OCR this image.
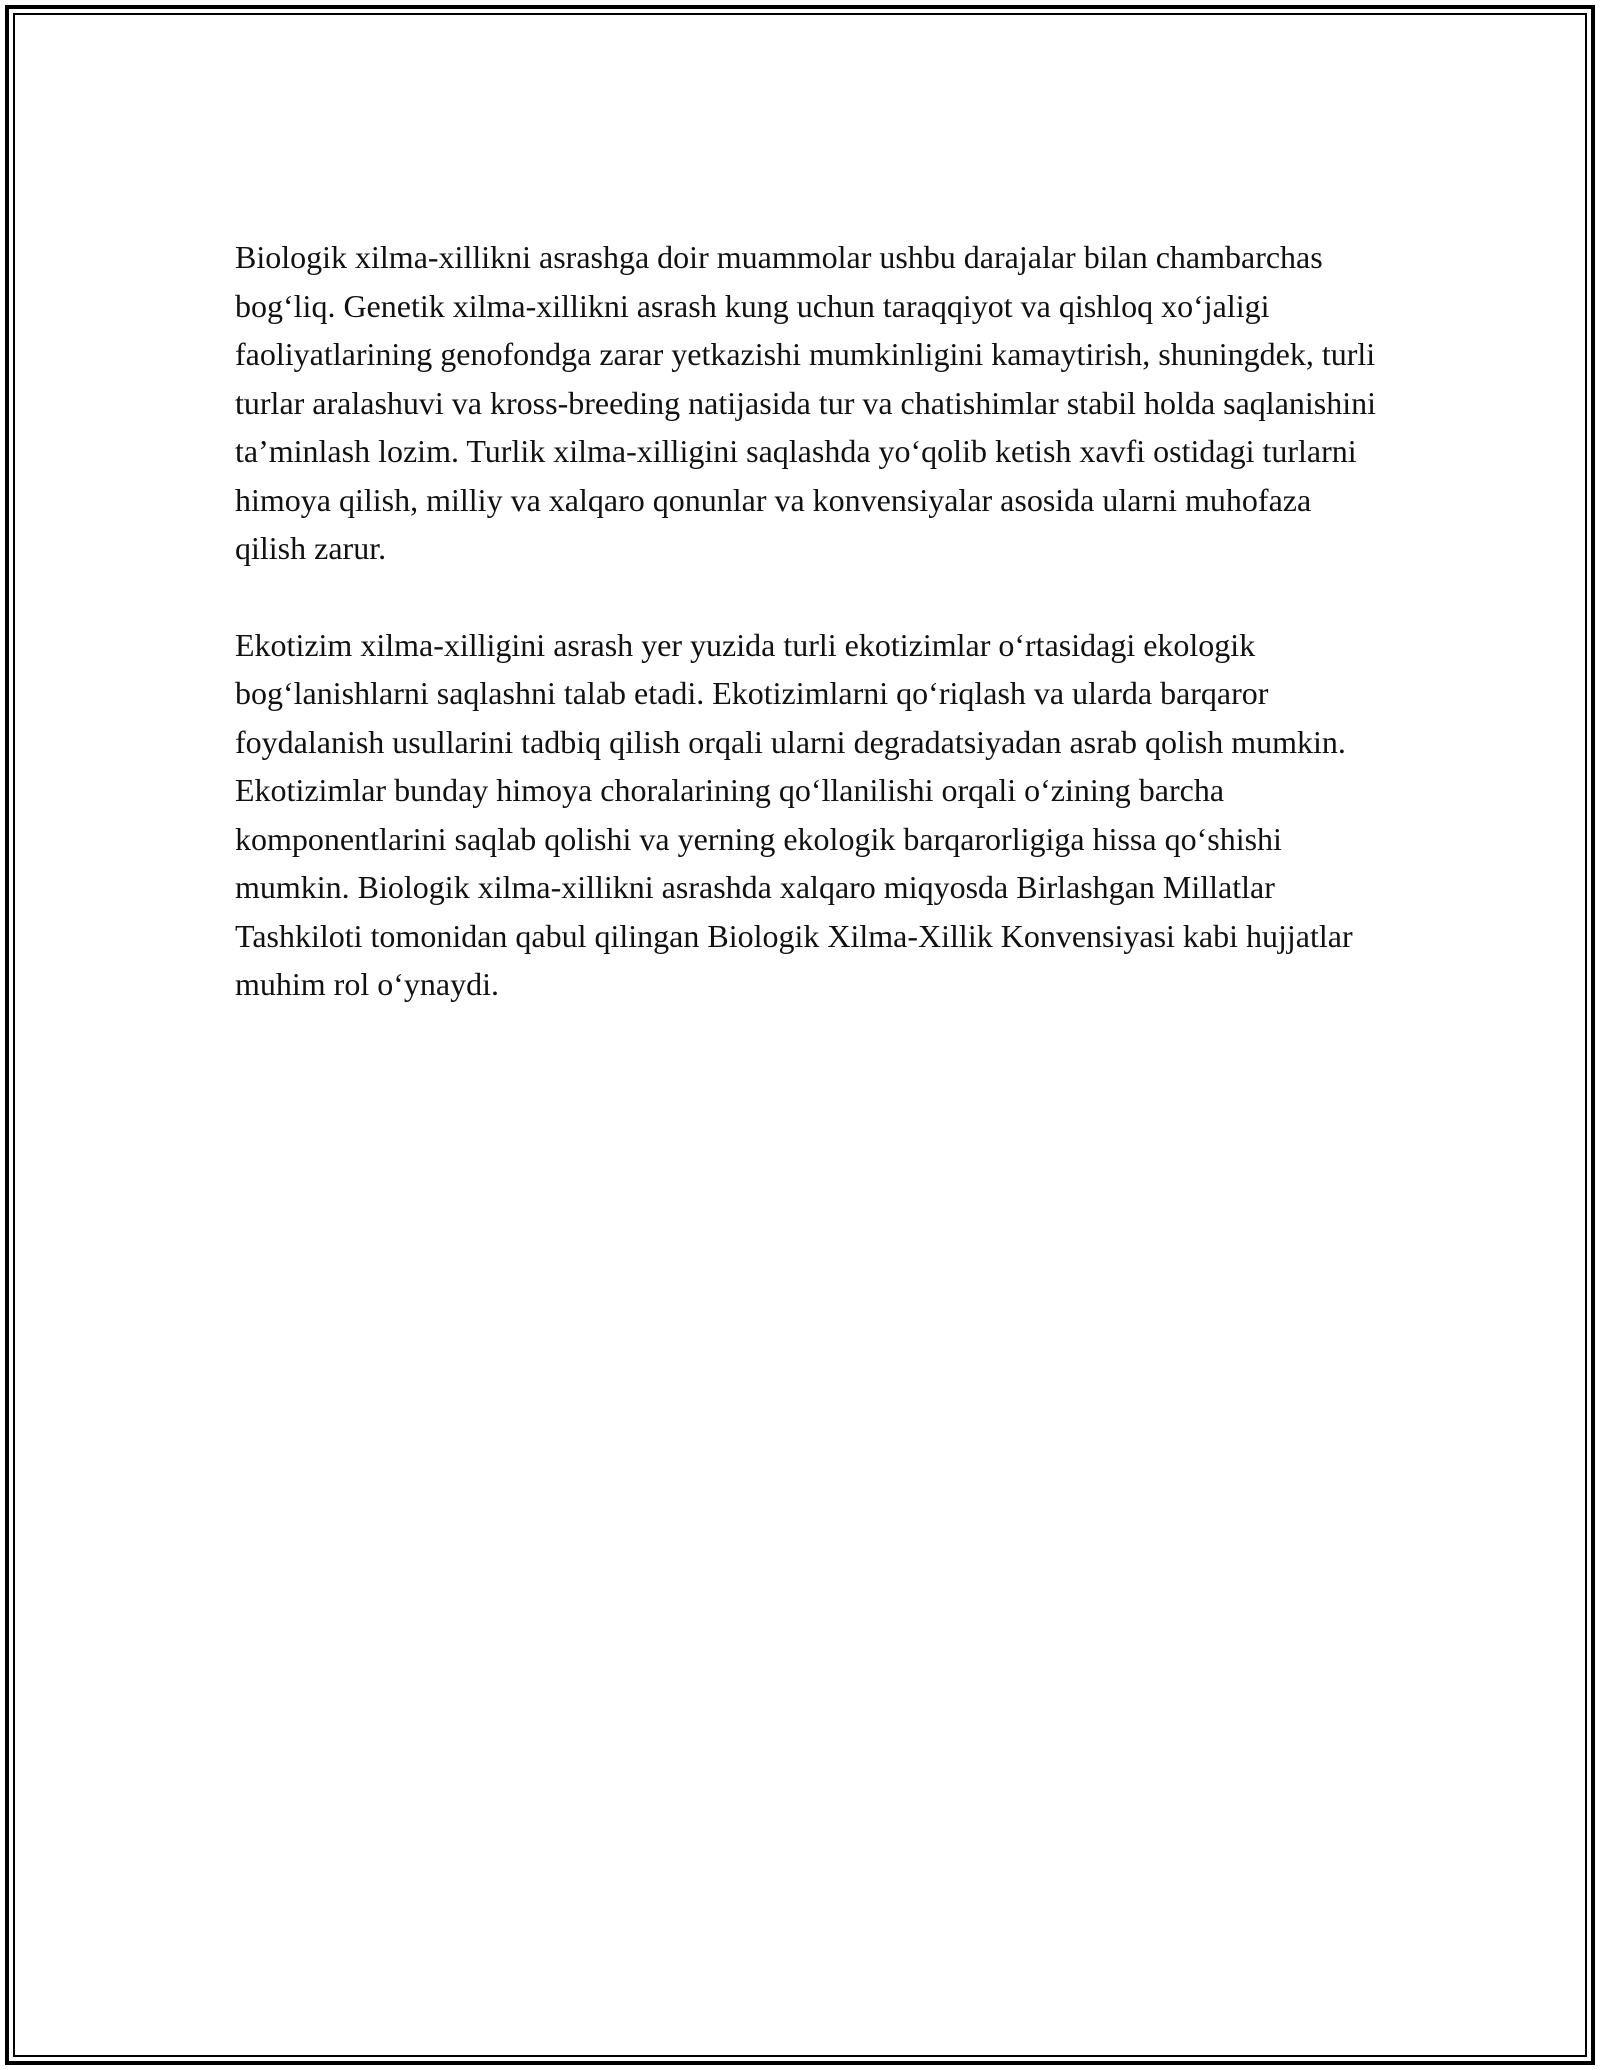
Biologik xilma-xillikni asrashga doir muammolar ushbu darajalar bilan chambarchas bog‘liq. Genetik xilma-xillikni asrash kung uchun taraqqiyot va qishloq xo‘jaligi faoliyatlarining genofondga zarar yetkazishi mumkinligini kamaytirish, shuningdek, turli turlar aralashuvi va kross-breeding natijasida tur va chatishimlar stabil holda saqlanishini ta’minlash lozim. Turlik xilma-xilligini saqlashda yo‘qolib ketish xavfi ostidagi turlarni himoya qilish, milliy va xalqaro qonunlar va konvensiyalar asosida ularni muhofaza qilish zarur.

Ekotizim xilma-xilligini asrash yer yuzida turli ekotizimlar o‘rtasidagi ekologik bog‘lanishlarni saqlashni talab etadi. Ekotizimlarni qo‘riqlash va ularda barqaror foydalanish usullarini tadbiq qilish orqali ularni degradatsiyadan asrab qolish mumkin. Ekotizimlar bunday himoya choralarining qo‘llanilishi orqali o‘zining barcha komponentlarini saqlab qolishi va yerning ekologik barqarorligiga hissa qo‘shishi mumkin. Biologik xilma-xillikni asrashda xalqaro miqyosda Birlashgan Millatlar Tashkiloti tomonidan qabul qilingan Biologik Xilma-Xillik Konvensiyasi kabi hujjatlar muhim rol o‘ynaydi.
